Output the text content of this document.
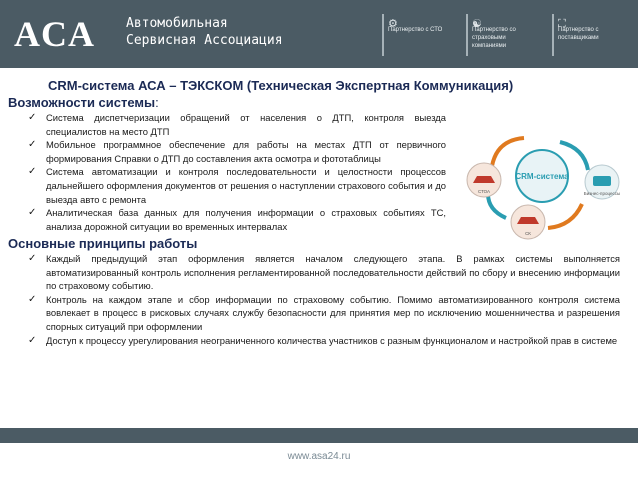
ACA Автомобильная
Сервисная Ассоциация
⚙
Партнерство с СТО	☯
Партнерство со страховыми компаниями
⛶
Партнерство с поставщиками
CRM-система АСА – ТЭКСКОМ (Техническая Экспертная Коммуникация)
Возможности системы:
✓ Система диспетчеризации обращений от населения о ДТП, контроля выезда специалистов на место ДТП
✓ Мобильное программное обеспечение для работы на местах ДТП от первичного формирования Справки о ДТП до составления акта осмотра и фототаблицы
✓ Система автоматизации и контроля последовательности и целостности процессов дальнейшего оформления документов от решения о наступлении страхового события и до выезда авто с ремонта
✓ Аналитическая база данных для получения информации о страховых событиях ТС, анализа дорожной ситуации во временных интервалах
CRM-система
СТОА	Бизнес-процессы
СК
Основные принципы работы
✓ Каждый предыдущий этап оформления является началом следующего этапа. В рамках системы выполняется автоматизированный контроль исполнения регламентированной последовательности действий по сбору и внесению информации по страховому событию.
✓ Контроль на каждом этапе и сбор информации по страховому событию. Помимо автоматизированного контроля система вовлекает в процесс в рисковых случаях службу безопасности для принятия мер по исключению мошенничества и разрешения спорных ситуаций при оформлении
✓ Доступ к процессу урегулирования неограниченного количества участников с разным функционалом и настройкой прав в системе
www.asa24.ru
